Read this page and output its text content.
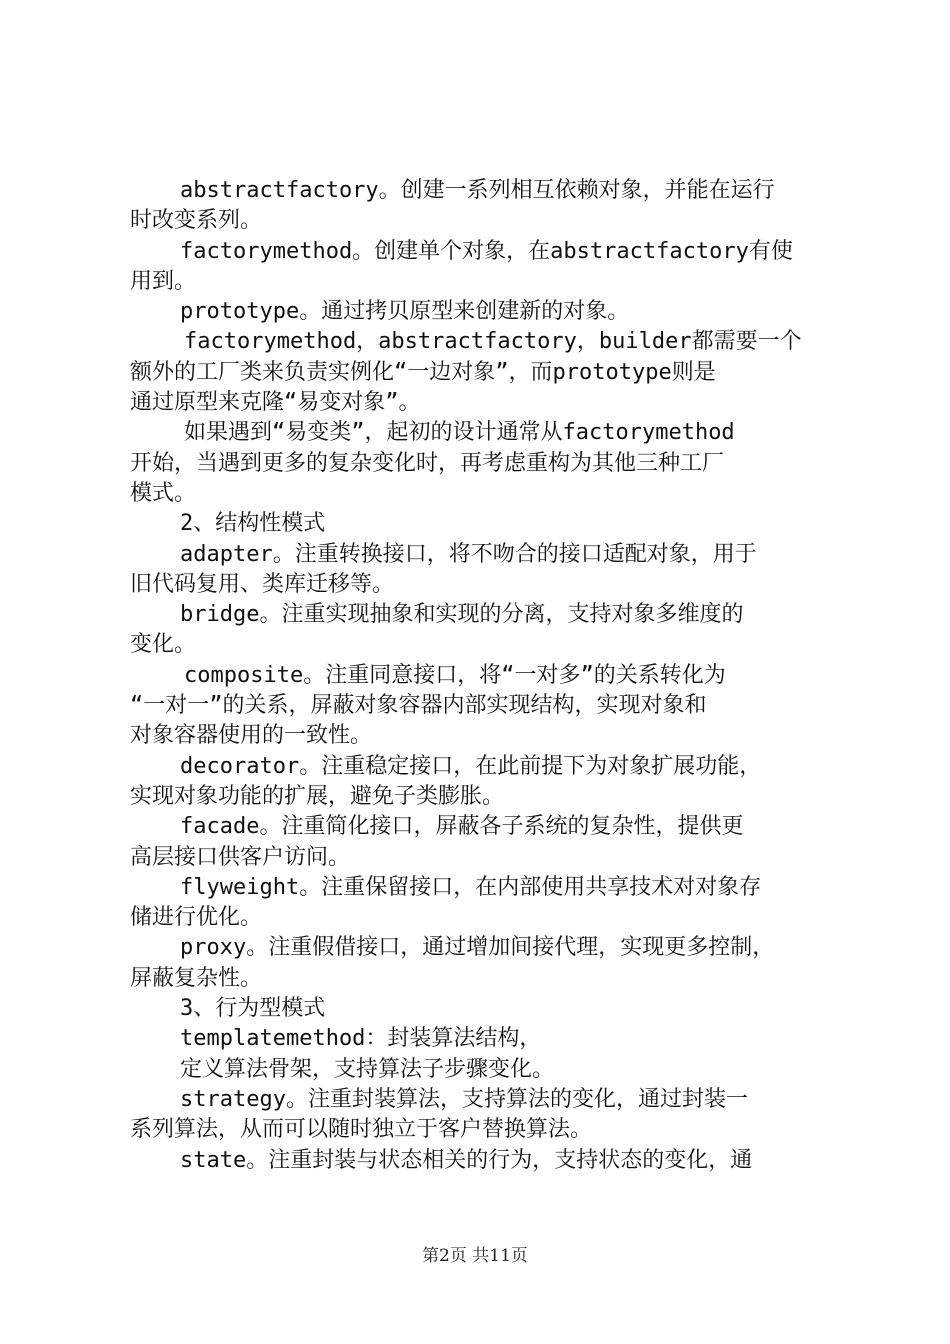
abstractfactory。创建一系列相互依赖对象，并能在运行
时改变系列。
factorymethod。创建单个对象，在abstractfactory有使
用到。
prototype。通过拷贝原型来创建新的对象。
factorymethod，abstractfactory，builder都需要一个
额外的工厂类来负责实例化“一边对象”，而prototype则是
通过原型来克隆“易变对象”。
如果遇到“易变类”，起初的设计通常从factorymethod
开始，当遇到更多的复杂变化时，再考虑重构为其他三种工厂
模式。
2、结构性模式
adapter。注重转换接口，将不吻合的接口适配对象，用于
旧代码复用、类库迁移等。
bridge。注重实现抽象和实现的分离，支持对象多维度的
变化。
composite。注重同意接口，将“一对多”的关系转化为
“一对一”的关系，屏蔽对象容器内部实现结构，实现对象和
对象容器使用的一致性。
decorator。注重稳定接口，在此前提下为对象扩展功能，
实现对象功能的扩展，避免子类膨胀。
facade。注重简化接口，屏蔽各子系统的复杂性，提供更
高层接口供客户访问。
flyweight。注重保留接口，在内部使用共享技术对对象存
储进行优化。
proxy。注重假借接口，通过增加间接代理，实现更多控制，
屏蔽复杂性。
3、行为型模式
templatemethod：封装算法结构，
定义算法骨架，支持算法子步骤变化。
strategy。注重封装算法，支持算法的变化，通过封装一
系列算法，从而可以随时独立于客户替换算法。
state。注重封装与状态相关的行为，支持状态的变化，通
第2页 共11页
